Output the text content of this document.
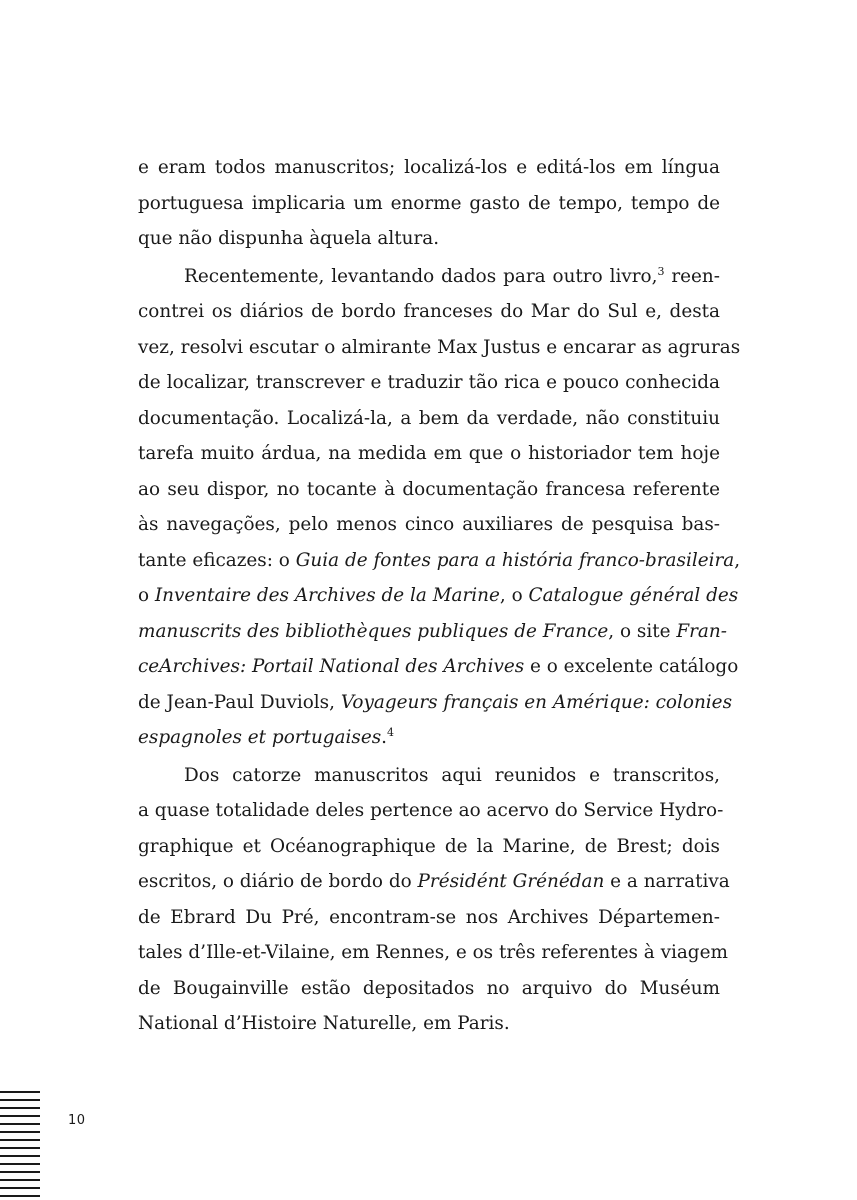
e eram todos manuscritos; localizá-los e editá-los em língua
portuguesa implicaria um enorme gasto de tempo, tempo de
que não dispunha àquela altura.
Recentemente, levantando dados para outro livro,$^3$ reen-
contrei os diários de bordo franceses do Mar do Sul e, desta
vez, resolvi escutar o almirante Max Justus e encarar as agruras
de localizar, transcrever e traduzir tão rica e pouco conhecida
documentação. Localizá-la, a bem da verdade, não constituiu
tarefa muito árdua, na medida em que o historiador tem hoje
ao seu dispor, no tocante à documentação francesa referente
às navegações, pelo menos cinco auxiliares de pesquisa bas-
tante eficazes: o Guia de fontes para a história franco-brasileira,
o Inventaire des Archives de la Marine, o Catalogue général des
manuscrits des bibliothèques publiques de France, o site Fran-
ceArchives: Portail National des Archives e o excelente catálogo
de Jean-Paul Duviols, Voyageurs français en Amérique: colonies
espagnoles et portugaises.$^4$
Dos catorze manuscritos aqui reunidos e transcritos,
a quase totalidade deles pertence ao acervo do Service Hydro-
graphique et Océanographique de la Marine, de Brest; dois
escritos, o diário de bordo do Présidént Grénédan e a narrativa
de Ebrard Du Pré, encontram-se nos Archives Départemen-
tales d’Ille-et-Vilaine, em Rennes, e os três referentes à viagem
de Bougainville estão depositados no arquivo do Muséum
National d’Histoire Naturelle, em Paris.
10
